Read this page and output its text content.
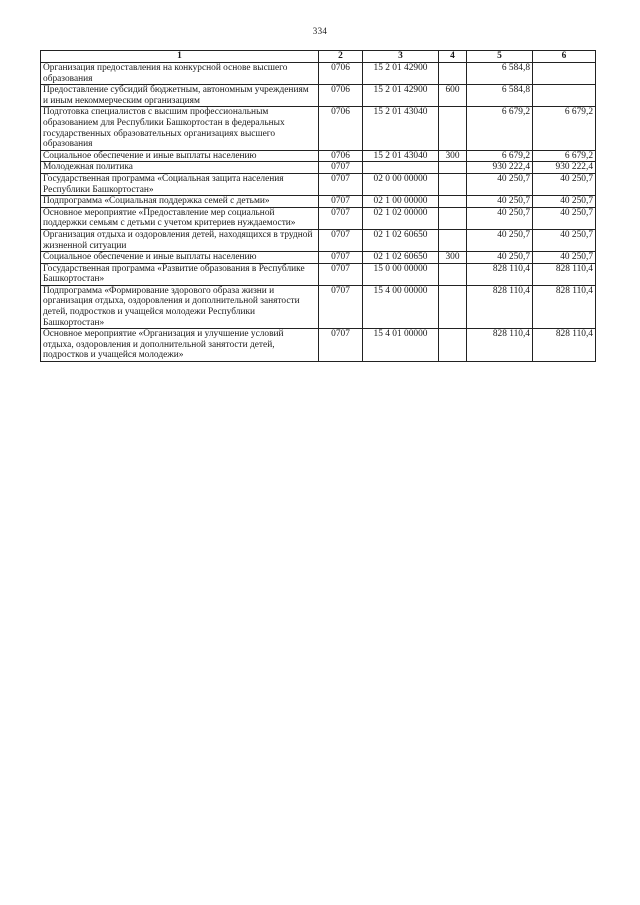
334
1	2	3	4	5	6
Организация предоставления на конкурсной основе высшего образования	0706	15 2 01 42900		6 584,8	
Предоставление субсидий бюджетным, автономным учреждениям и иным некоммерческим организациям	0706	15 2 01 42900	600	6 584,8	
Подготовка специалистов с высшим профессиональным образованием для Республики Башкортостан в федеральных государственных образовательных организациях высшего образования	0706	15 2 01 43040		6 679,2	6 679,2
Социальное обеспечение и иные выплаты населению	0706	15 2 01 43040	300	6 679,2	6 679,2
Молодежная политика	0707			930 222,4	930 222,4
Государственная программа «Социальная защита населения Республики Башкортостан»	0707	02 0 00 00000		40 250,7	40 250,7
Подпрограмма «Социальная поддержка семей с детьми»	0707	02 1 00 00000		40 250,7	40 250,7
Основное мероприятие «Предоставление мер социальной поддержки семьям с детьми с учетом критериев нуждаемости»	0707	02 1 02 00000		40 250,7	40 250,7
Организация отдыха и оздоровления детей, находящихся в трудной жизненной ситуации	0707	02 1 02 60650		40 250,7	40 250,7
Социальное обеспечение и иные выплаты населению	0707	02 1 02 60650	300	40 250,7	40 250,7
Государственная программа «Развитие образования в Республике Башкортостан»	0707	15 0 00 00000		828 110,4	828 110,4
Подпрограмма «Формирование здорового образа жизни и организация отдыха, оздоровления и дополнительной занятости детей, подростков и учащейся молодежи Республики Башкортостан»	0707	15 4 00 00000		828 110,4	828 110,4
Основное мероприятие «Организация и улучшение условий отдыха, оздоровления и дополнительной занятости детей, подростков и учащейся молодежи»	0707	15 4 01 00000		828 110,4	828 110,4
